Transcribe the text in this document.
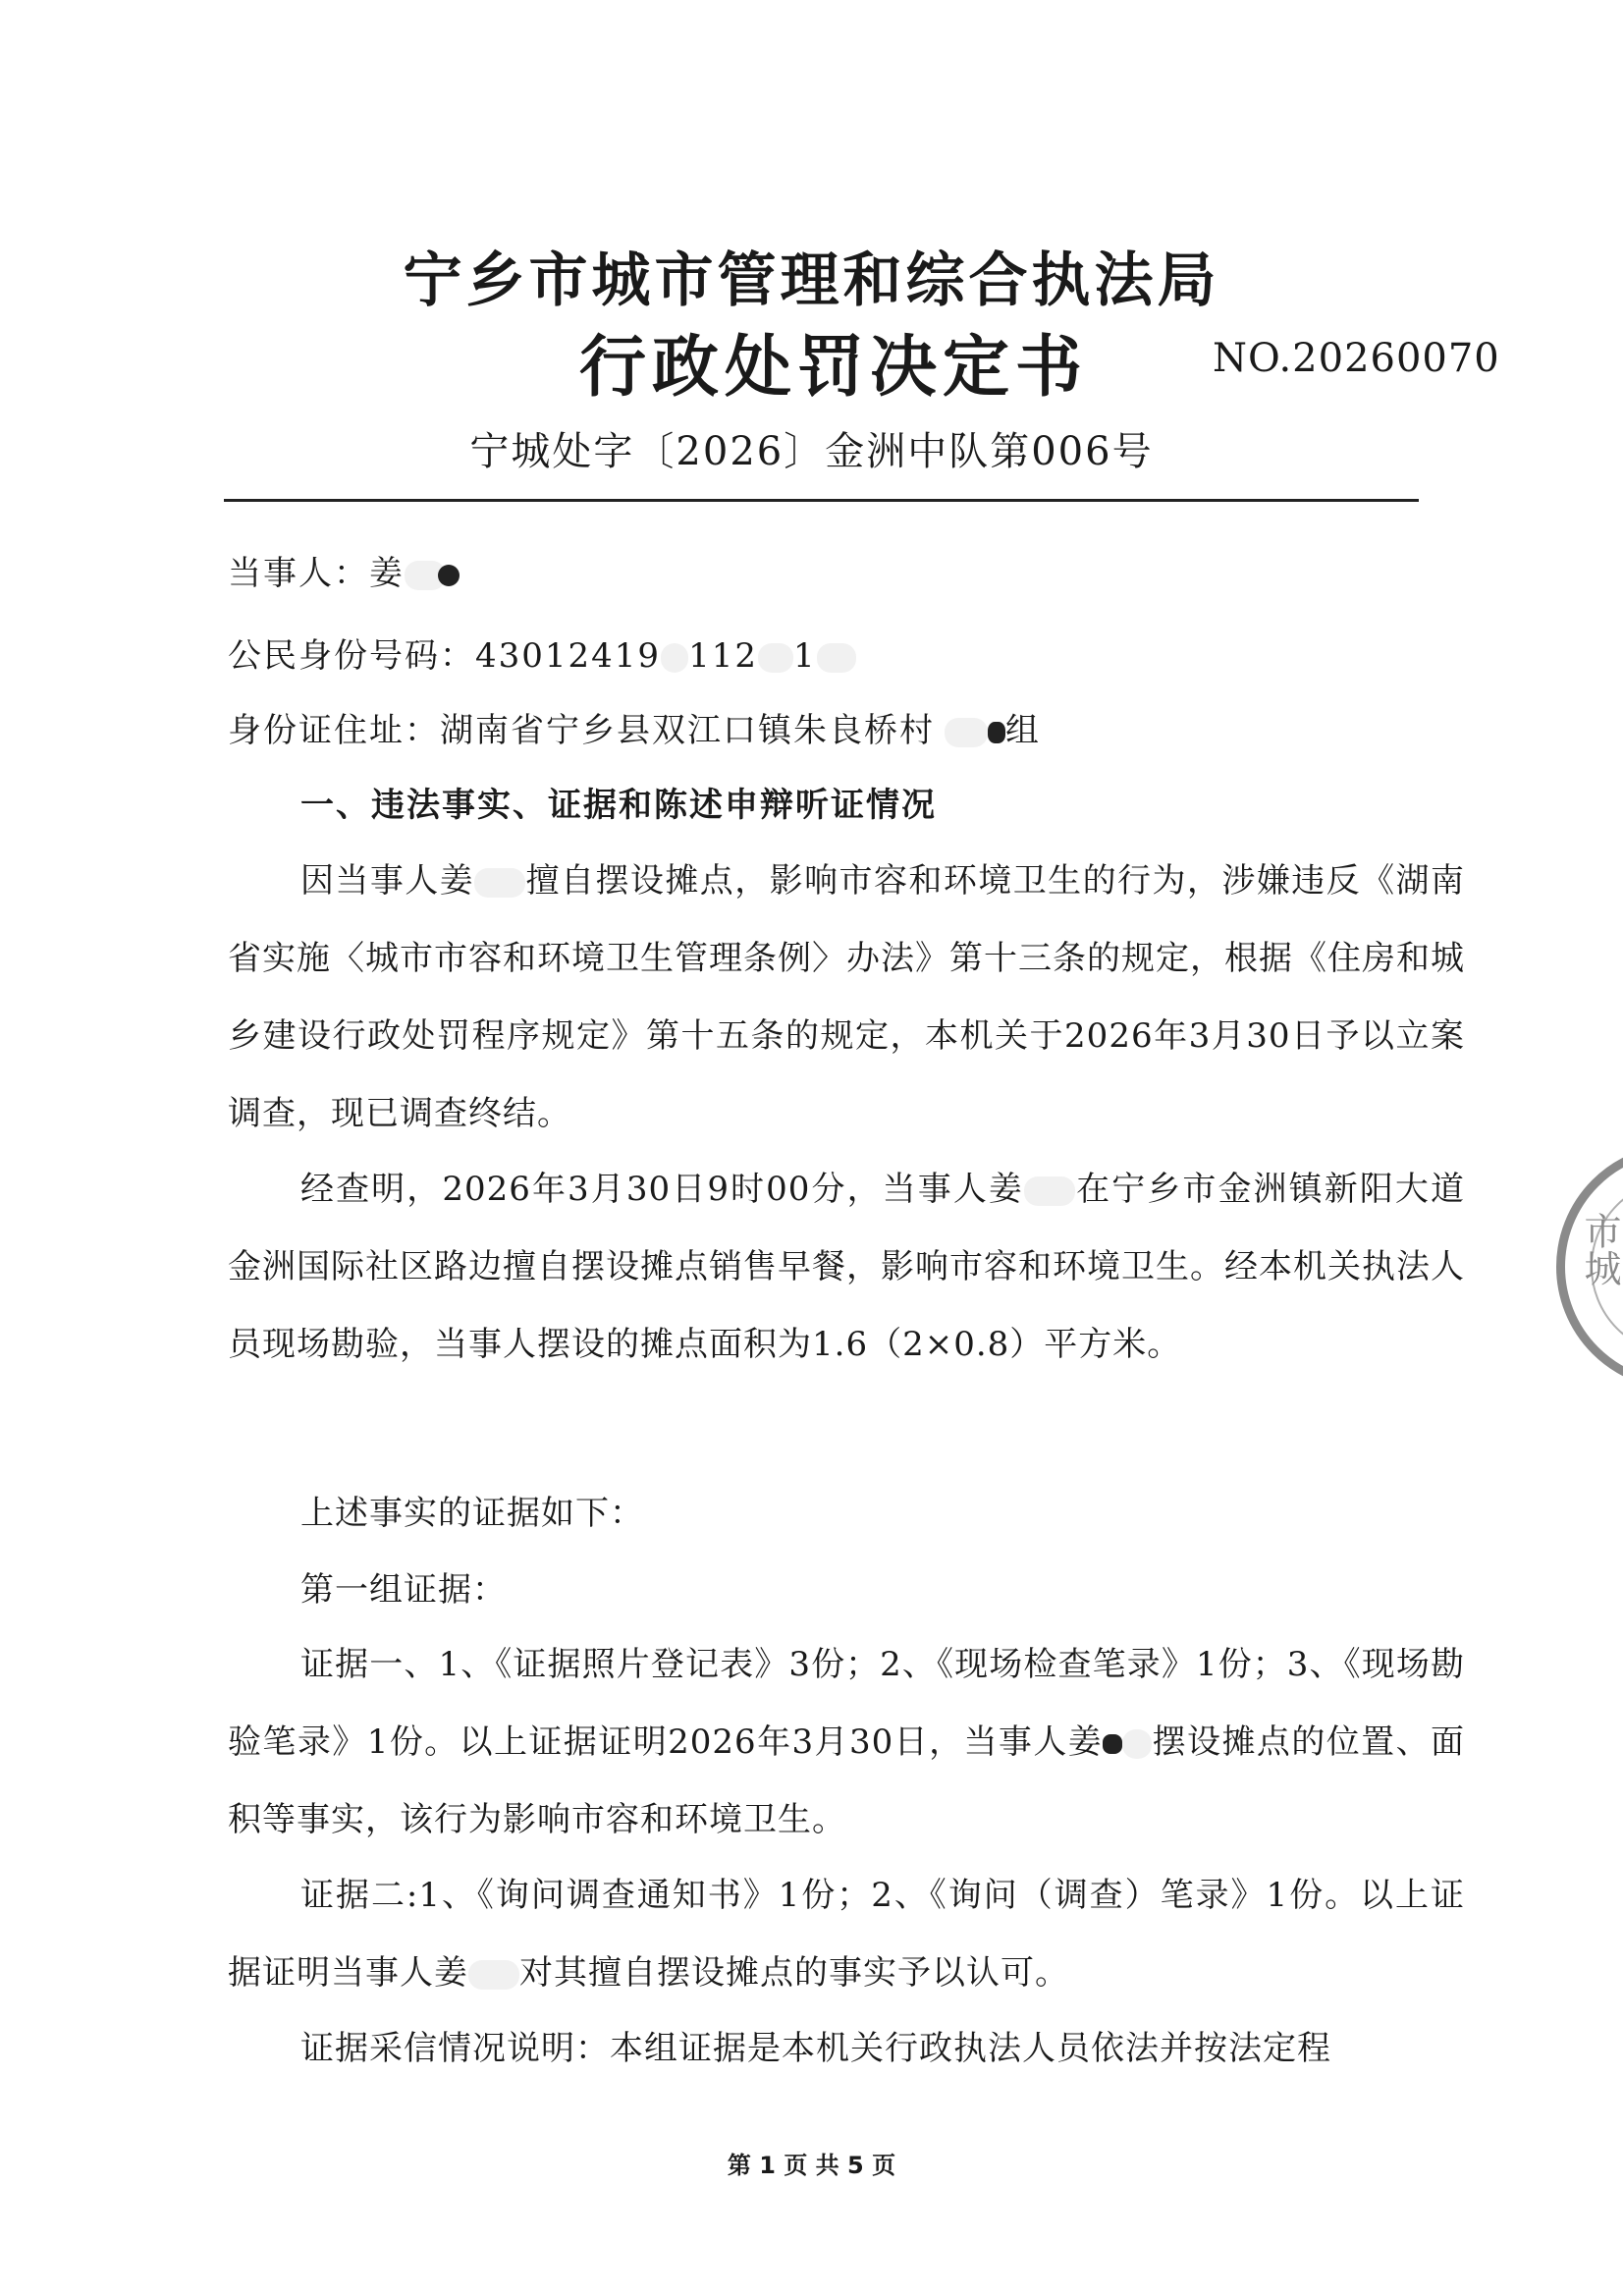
宁乡市城市管理和综合执法局
行政处罚决定书	NO.20260070
宁城处字〔2026〕金洲中队第006号
当事人：姜
公民身份号码：43012419 112 1
身份证住址：湖南省宁乡县双江口镇朱良桥村 组
一、违法事实、证据和陈述申辩听证情况
因当事人姜 擅自摆设摊点，影响市容和环境卫生的行为，涉嫌违反《湖南省实施〈城市市容和环境卫生管理条例〉办法》第十三条的规定，根据《住房和城乡建设行政处罚程序规定》第十五条的规定，本机关于2026年3月30日予以立案调查，现已调查终结。
经查明，2026年3月30日9时00分，当事人姜 在宁乡市金洲镇新阳大道金洲国际社区路边擅自摆设摊点销售早餐，影响市容和环境卫生。经本机关执法人员现场勘验，当事人摆设的摊点面积为1.6（2×0.8）平方米。
上述事实的证据如下：
第一组证据：
证据一、1、《证据照片登记表》3份；2、《现场检查笔录》1份；3、《现场勘验笔录》1份。以上证据证明2026年3月30日，当事人姜 摆设摊点的位置、面积等事实，该行为影响市容和环境卫生。
证据二:1、《询问调查通知书》1份；2、《询问（调查）笔录》1份。以上证据证明当事人姜 对其擅自摆设摊点的事实予以认可。
证据采信情况说明：本组证据是本机关行政执法人员依法并按法定程
市城
第 1 页 共 5 页
